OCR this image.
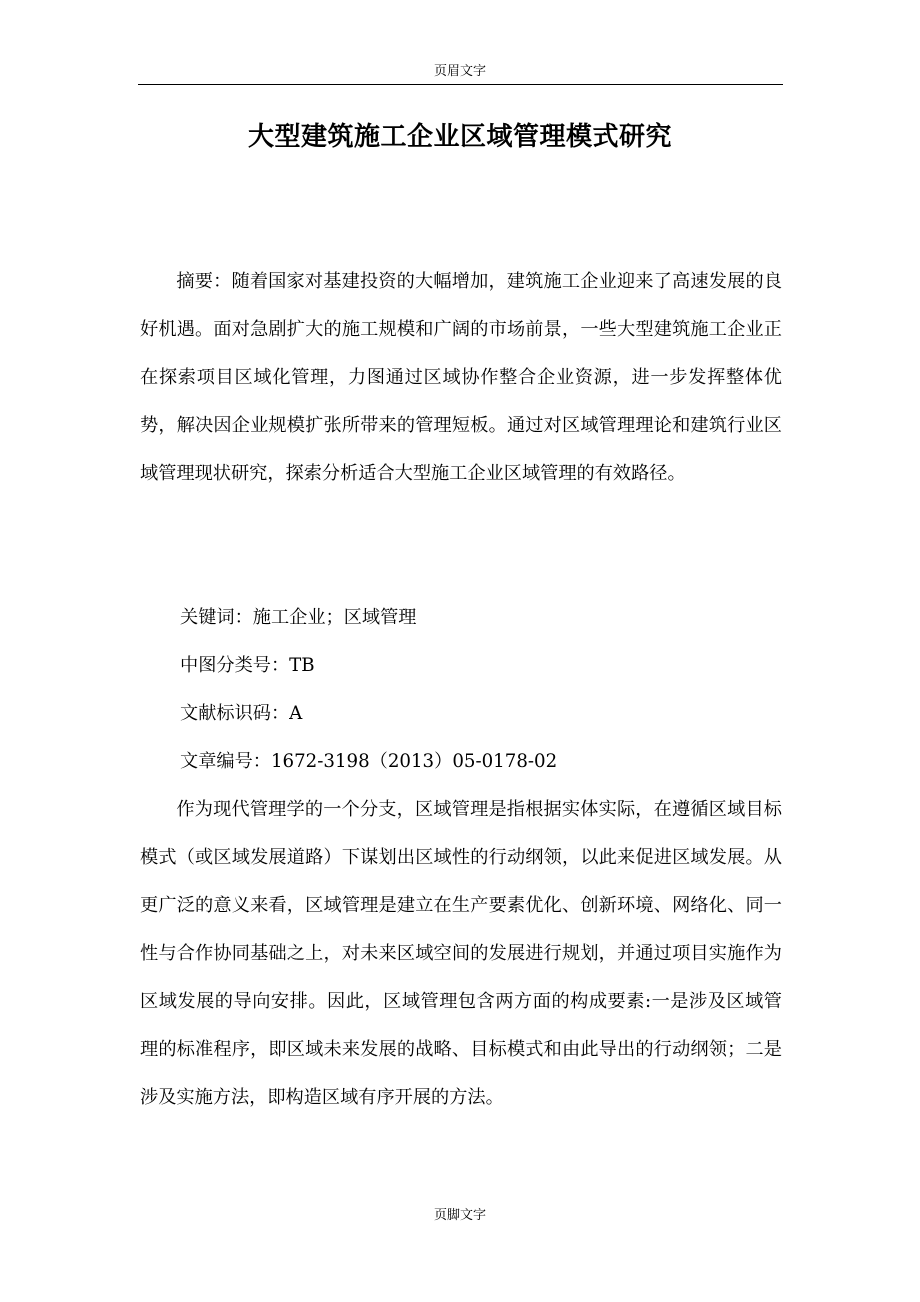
页眉文字
大型建筑施工企业区域管理模式研究

摘要：随着国家对基建投资的大幅增加，建筑施工企业迎来了高速发展的良好机遇。面对急剧扩大的施工规模和广阔的市场前景，一些大型建筑施工企业正在探索项目区域化管理，力图通过区域协作整合企业资源，进一步发挥整体优势，解决因企业规模扩张所带来的管理短板。通过对区域管理理论和建筑行业区域管理现状研究，探索分析适合大型施工企业区域管理的有效路径。

关键词：施工企业；区域管理

中图分类号：TB

文献标识码：A

文章编号：1672-3198（2013）05-0178-02

作为现代管理学的一个分支，区域管理是指根据实体实际，在遵循区域目标模式（或区域发展道路）下谋划出区域性的行动纲领，以此来促进区域发展。从更广泛的意义来看，区域管理是建立在生产要素优化、创新环境、网络化、同一性与合作协同基础之上，对未来区域空间的发展进行规划，并通过项目实施作为区域发展的导向安排。因此，区域管理包含两方面的构成要素:一是涉及区域管理的标准程序，即区域未来发展的战略、目标模式和由此导出的行动纲领；二是涉及实施方法，即构造区域有序开展的方法。

页脚文字
